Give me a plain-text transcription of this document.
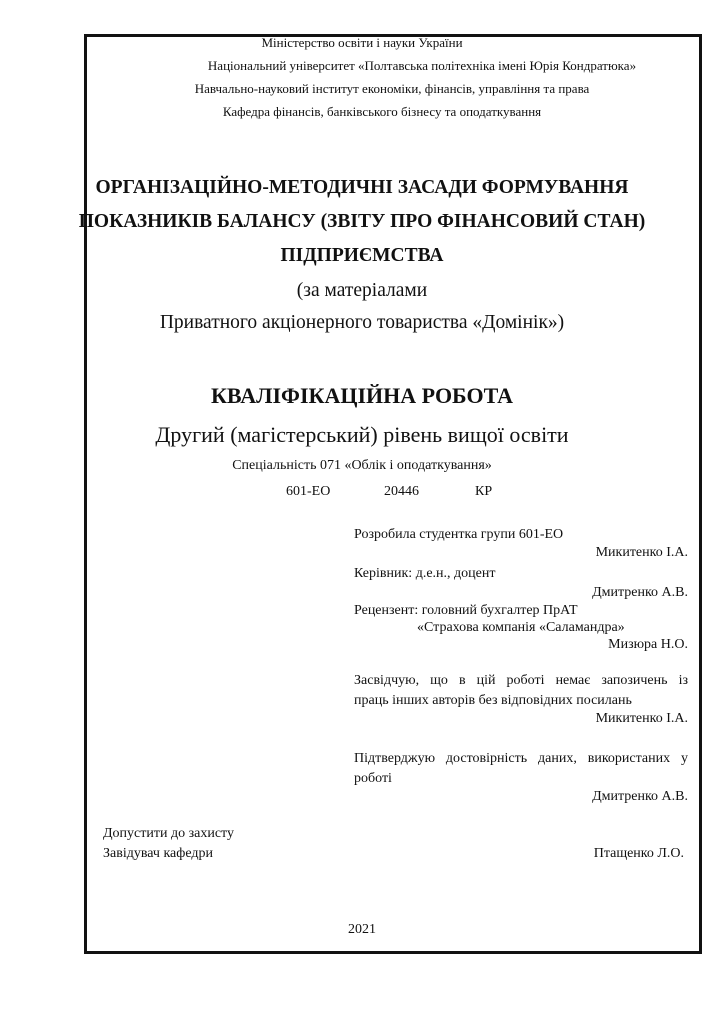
Міністерство освіти і науки України
Національний університет «Полтавська політехніка імені Юрія Кондратюка»
Навчально-науковий інститут економіки, фінансів, управління та права
Кафедра фінансів, банківського бізнесу та оподаткування
ОРГАНІЗАЦІЙНО-МЕТОДИЧНІ ЗАСАДИ ФОРМУВАННЯ
ПОКАЗНИКІВ БАЛАНСУ (ЗВІТУ ПРО ФІНАНСОВИЙ СТАН)
ПІДПРИЄМСТВА
(за матеріалами
Приватного акціонерного товариства «Домінік»)
КВАЛІФІКАЦІЙНА РОБОТА
Другий (магістерський) рівень вищої освіти
Спеціальність 071 «Облік і оподаткування»
601-ЕО	20446	КР
Розробила студентка групи 601-ЕО
Микитенко І.А.
Керівник: д.е.н., доцент
Дмитренко А.В.
Рецензент: головний бухгалтер ПрАТ
«Страхова компанія «Саламандра»
Мизюра Н.О.
Засвідчую, що в цій роботі немає запозичень із
праць інших авторів без відповідних посилань
Микитенко І.А.
Підтверджую достовірність даних, використаних у
роботі
Дмитренко А.В.
Допустити до захисту
Завідувач кафедри	Птащенко Л.О.
2021
